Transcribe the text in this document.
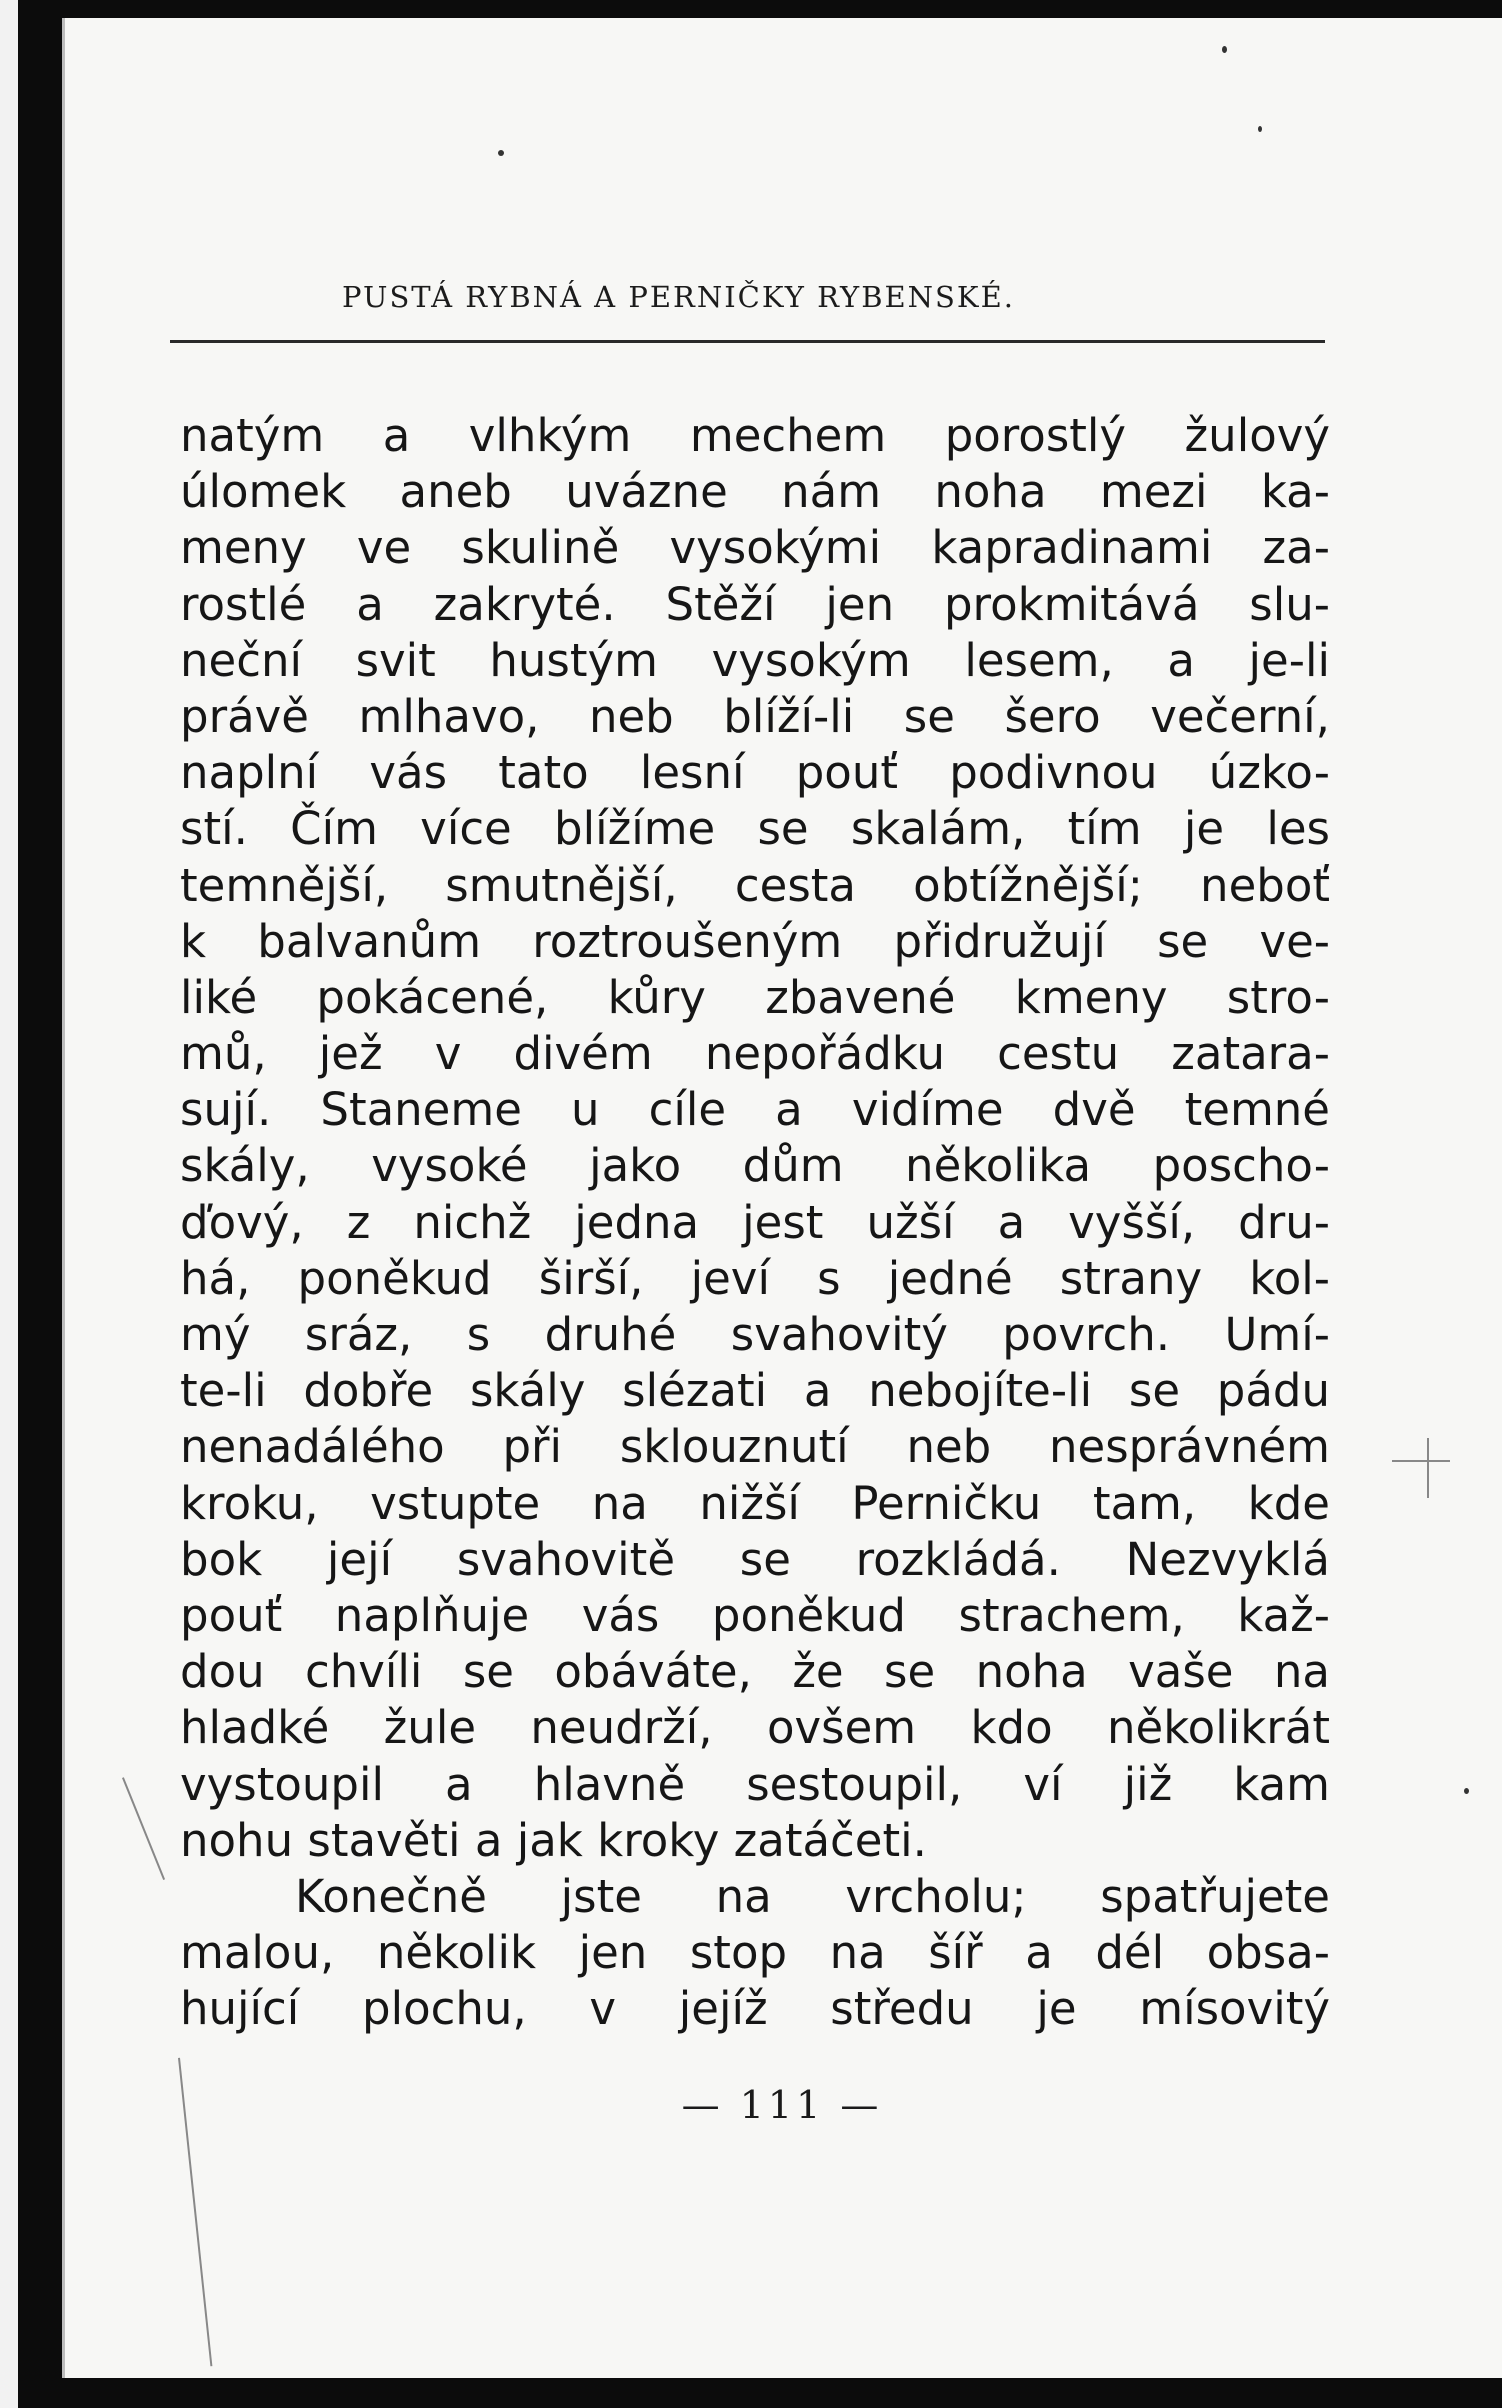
PUSTÁ RYBNÁ A PERNIČKY RYBENSKÉ.
natým a vlhkým mechem porostlý žulový
úlomek aneb uvázne nám noha mezi ka-
meny ve skulině vysokými kapradinami za-
rostlé a zakryté. Stěží jen prokmitává slu-
neční svit hustým vysokým lesem, a je-li
právě mlhavo, neb blíží-li se šero večerní,
naplní vás tato lesní pouť podivnou úzko-
stí. Čím více blížíme se skalám, tím je les
temnější, smutnější, cesta obtížnější; neboť
k balvanům roztroušeným přidružují se ve-
liké pokácené, kůry zbavené kmeny stro-
mů, jež v divém nepořádku cestu zatara-
sují. Staneme u cíle a vidíme dvě temné
skály, vysoké jako dům několika poscho-
ďový, z nichž jedna jest užší a vyšší, dru-
há, poněkud širší, jeví s jedné strany kol-
mý sráz, s druhé svahovitý povrch. Umí-
te-li dobře skály slézati a nebojíte-li se pádu
nenadálého při sklouznutí neb nesprávném
kroku, vstupte na nižší Perničku tam, kde
bok její svahovitě se rozkládá. Nezvyklá
pouť naplňuje vás poněkud strachem, kaž-
dou chvíli se obáváte, že se noha vaše na
hladké žule neudrží, ovšem kdo několikrát
vystoupil a hlavně sestoupil, ví již kam
nohu stavěti a jak kroky zatáčeti.
Konečně jste na vrcholu; spatřujete
malou, několik jen stop na šíř a dél obsa-
hující plochu, v jejíž středu je mísovitý
— 111 —
